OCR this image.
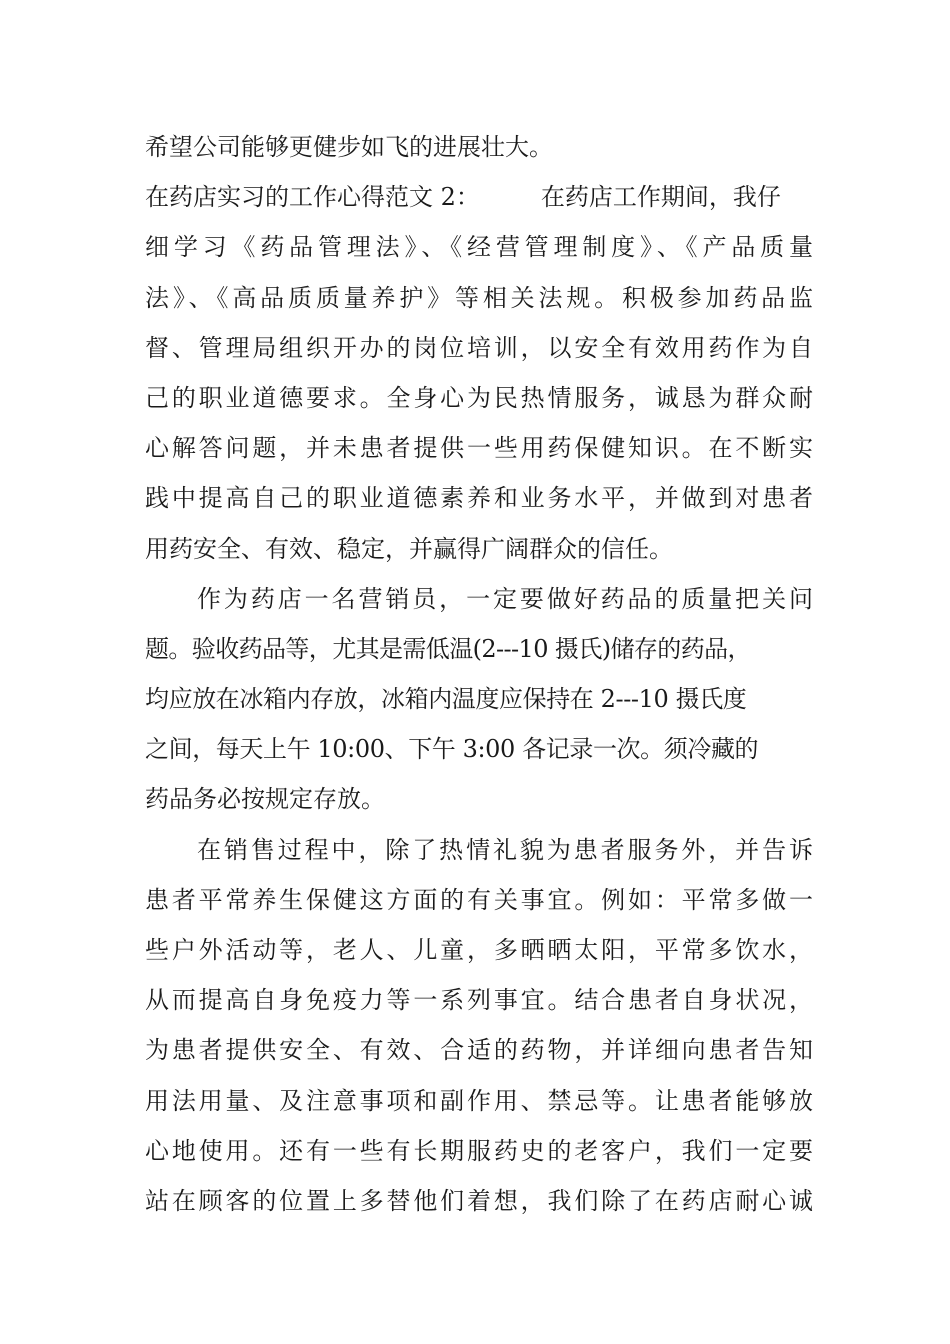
希望公司能够更健步如飞的进展壮大。
在药店实习的工作心得范文 2：        在药店工作期间，我仔
细学习《药品管理法》、《经营管理制度》、《产品质量
法》、《高品质质量养护》等相关法规。积极参加药品监
督、管理局组织开办的岗位培训，以安全有效用药作为自
己的职业道德要求。全身心为民热情服务，诚恳为群众耐
心解答问题，并未患者提供一些用药保健知识。在不断实
践中提高自己的职业道德素养和业务水平，并做到对患者
用药安全、有效、稳定，并赢得广阔群众的信任。
作为药店一名营销员，一定要做好药品的质量把关问
题。验收药品等，尤其是需低温(2---10 摄氏)储存的药品，
均应放在冰箱内存放，冰箱内温度应保持在 2---10 摄氏度
之间，每天上午 10:00、下午 3:00 各记录一次。须冷藏的
药品务必按规定存放。
在销售过程中，除了热情礼貌为患者服务外，并告诉
患者平常养生保健这方面的有关事宜。例如：平常多做一
些户外活动等，老人、儿童，多晒晒太阳，平常多饮水，
从而提高自身免疫力等一系列事宜。结合患者自身状况，
为患者提供安全、有效、合适的药物，并详细向患者告知
用法用量、及注意事项和副作用、禁忌等。让患者能够放
心地使用。还有一些有长期服药史的老客户，我们一定要
站在顾客的位置上多替他们着想，我们除了在药店耐心诚
